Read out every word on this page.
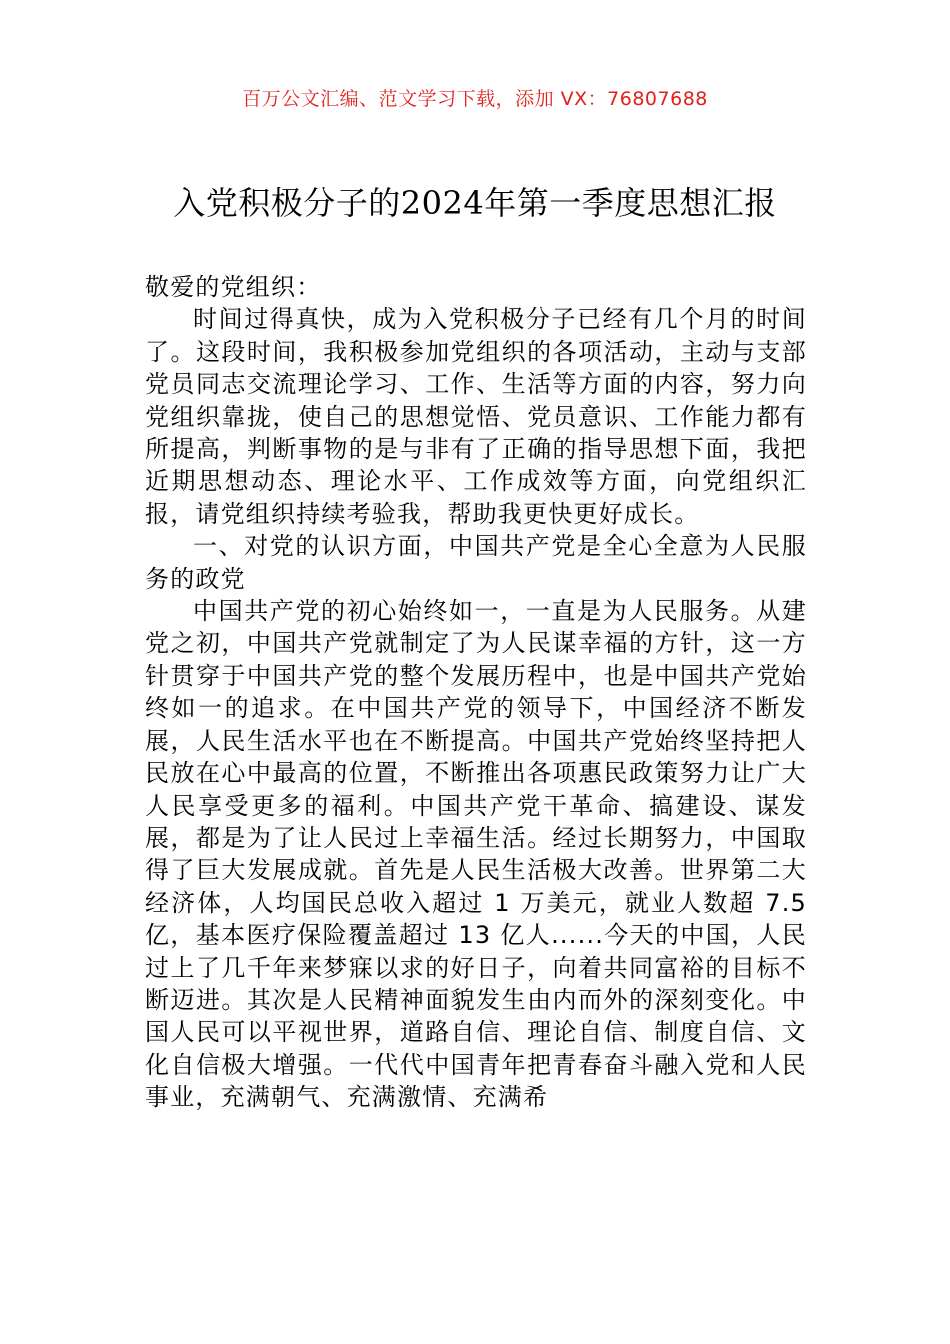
百万公文汇编、范文学习下载，添加 VX：76807688
入党积极分子的2024年第一季度思想汇报

敬爱的党组织：

时间过得真快，成为入党积极分子已经有几个月的时间了。这段时间，我积极参加党组织的各项活动，主动与支部党员同志交流理论学习、工作、生活等方面的内容，努力向党组织靠拢，使自己的思想觉悟、党员意识、工作能力都有所提高，判断事物的是与非有了正确的指导思想下面，我把近期思想动态、理论水平、工作成效等方面，向党组织汇报，请党组织持续考验我，帮助我更快更好成长。

一、对党的认识方面，中国共产党是全心全意为人民服务的政党

中国共产党的初心始终如一，一直是为人民服务。从建党之初，中国共产党就制定了为人民谋幸福的方针，这一方针贯穿于中国共产党的整个发展历程中，也是中国共产党始终如一的追求。在中国共产党的领导下，中国经济不断发展，人民生活水平也在不断提高。中国共产党始终坚持把人民放在心中最高的位置，不断推出各项惠民政策努力让广大人民享受更多的福利。中国共产党干革命、搞建设、谋发展，都是为了让人民过上幸福生活。经过长期努力，中国取得了巨大发展成就。首先是人民生活极大改善。世界第二大经济体，人均国民总收入超过 1 万美元，就业人数超 7.5 亿，基本医疗保险覆盖超过 13 亿人......今天的中国，人民过上了几千年来梦寐以求的好日子，向着共同富裕的目标不断迈进。其次是人民精神面貌发生由内而外的深刻变化。中国人民可以平视世界，道路自信、理论自信、制度自信、文化自信极大增强。一代代中国青年把青春奋斗融入党和人民事业，充满朝气、充满激情、充满希
